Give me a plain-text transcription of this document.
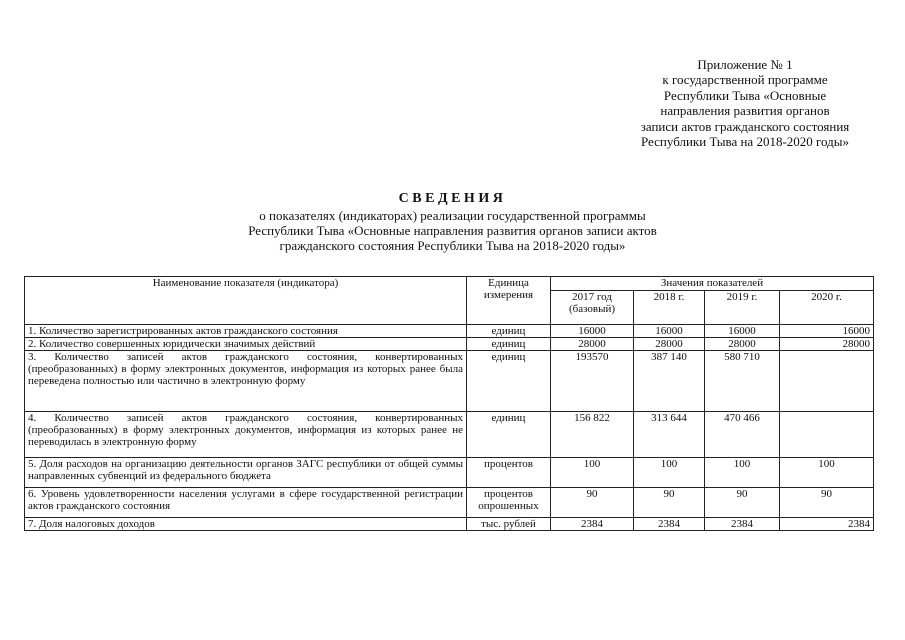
Приложение № 1
к государственной программе
Республики Тыва «Основные
направления развития органов
записи актов гражданского состояния
Республики Тыва на 2018-2020 годы»
СВЕДЕНИЯ
о показателях (индикаторах) реализации государственной программы
Республики Тыва «Основные направления развития органов записи актов
гражданского состояния Республики Тыва на 2018-2020 годы»
Наименование показателя (индикатора)	Единица измерения	Значения показателей			
		2017 год (базовый)	2018 г.	2019 г.	2020 г.
1. Количество зарегистрированных актов гражданского состояния	единиц	16000	16000	16000	16000
2. Количество совершенных юридически значимых действий	единиц	28000	28000	28000	28000
3. Количество записей актов гражданского состояния, конвертированных (преобразованных) в форму электронных документов, информация из которых ранее была переведена полностью или частично в электронную форму	единиц	193570	387 140	580 710	
4. Количество записей актов гражданского состояния, конвертированных (преобразованных) в форму электронных документов, информация из которых ранее не переводилась в электронную форму	единиц	156 822	313 644	470 466	
5. Доля расходов на организацию деятельности органов ЗАГС республики от общей суммы направленных субвенций из федерального бюджета	процентов	100	100	100	100
6. Уровень удовлетворенности населения услугами в сфере государственной регистрации актов гражданского состояния	процентов опрошенных	90	90	90	90
7. Доля налоговых доходов	тыс. рублей	2384	2384	2384	2384
